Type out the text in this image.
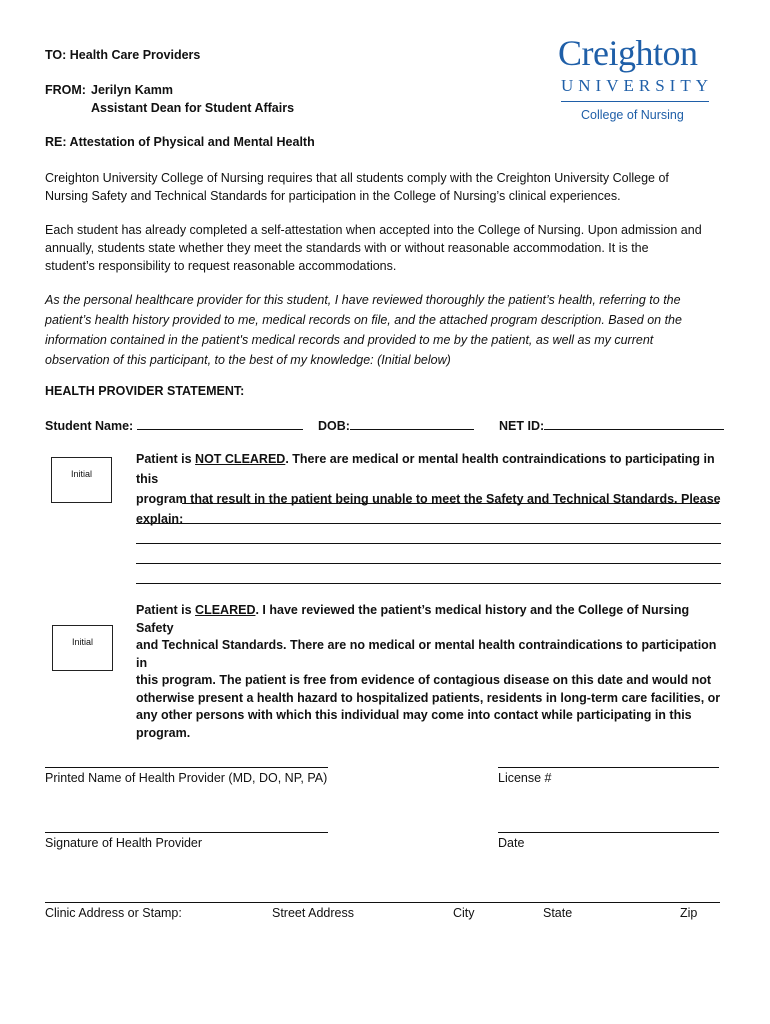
TO: Health Care Providers
FROM: Jerilyn Kamm
Assistant Dean for Student Affairs
RE: Attestation of Physical and Mental Health
Creighton
UNIVERSITY
College of Nursing
Creighton University College of Nursing requires that all students comply with the Creighton University College of
Nursing Safety and Technical Standards for participation in the College of Nursing’s clinical experiences.
Each student has already completed a self-attestation when accepted into the College of Nursing. Upon admission and
annually, students state whether they meet the standards with or without reasonable accommodation. It is the
student’s responsibility to request reasonable accommodations.
As the personal healthcare provider for this student, I have reviewed thoroughly the patient’s health, referring to the
patient’s health history provided to me, medical records on file, and the attached program description. Based on the
information contained in the patient's medical records and provided to me by the patient, as well as my current
observation of this participant, to the best of my knowledge: (Initial below)
HEALTH PROVIDER STATEMENT:
Student Name:	DOB:	NET ID:
Initial
Patient is NOT CLEARED. There are medical or mental health contraindications to participating in this
program that result in the patient being unable to meet the Safety and Technical Standards. Please
explain:
Initial
Patient is CLEARED. I have reviewed the patient’s medical history and the College of Nursing Safety
and Technical Standards. There are no medical or mental health contraindications to participation in
this program. The patient is free from evidence of contagious disease on this date and would not
otherwise present a health hazard to hospitalized patients, residents in long-term care facilities, or
any other persons with which this individual may come into contact while participating in this
program.
Printed Name of Health Provider (MD, DO, NP, PA)	License #
Signature of Health Provider	Date
Clinic Address or Stamp:	Street Address	City	State	Zip
